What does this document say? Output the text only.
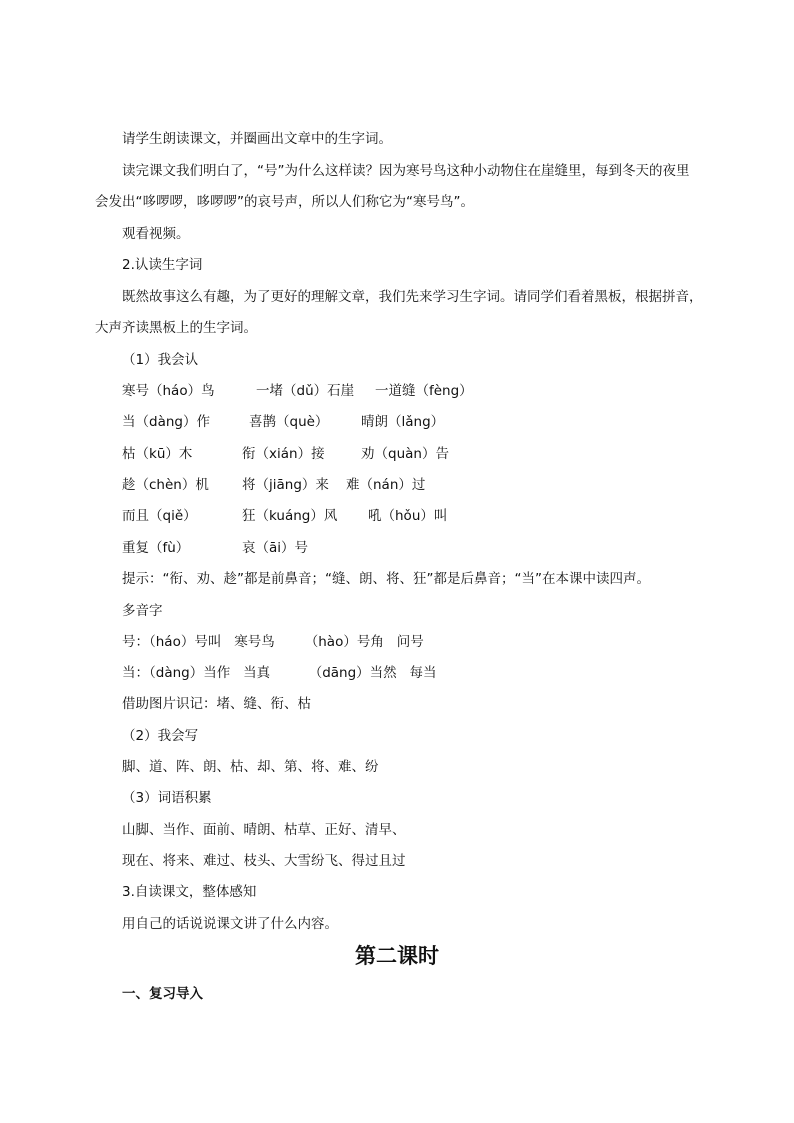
请学生朗读课文，并圈画出文章中的生字词。
读完课文我们明白了，“号”为什么这样读？因为寒号鸟这种小动物住在崖缝里，每到冬天的夜里
会发出“哆啰啰，哆啰啰”的哀号声，所以人们称它为“寒号鸟”。
观看视频。
2.认读生字词
既然故事这么有趣，为了更好的理解文章，我们先来学习生字词。请同学们看着黑板，根据拼音，
大声齐读黑板上的生字词。
（1）我会认
寒号（háo）鸟	一堵（dǔ）石崖 一道缝（fèng）
当（dàng）作	喜鹊（què） 晴朗（lǎng）
枯（kū）木	衔（xián）接	劝（quàn）告
趁（chèn）机 将（jiāng）来 难（nán）过
而且（qiě）	狂（kuáng）风 吼（hǒu）叫
重复（fù）	哀（āi）号
提示：“衔、劝、趁”都是前鼻音；“缝、朗、将、狂”都是后鼻音；“当”在本课中读四声。
多音字
号：（háo）号叫   寒号鸟       （hào）号角   问号
当：（dàng）当作   当真         （dāng）当然   每当
借助图片识记：堵、缝、衔、枯
（2）我会写
脚、道、阵、朗、枯、却、第、将、难、纷
（3）词语积累
山脚、当作、面前、晴朗、枯草、正好、清早、
现在、将来、难过、枝头、大雪纷飞、得过且过
3.自读课文，整体感知
用自己的话说说课文讲了什么内容。
第二课时
一、复习导入
